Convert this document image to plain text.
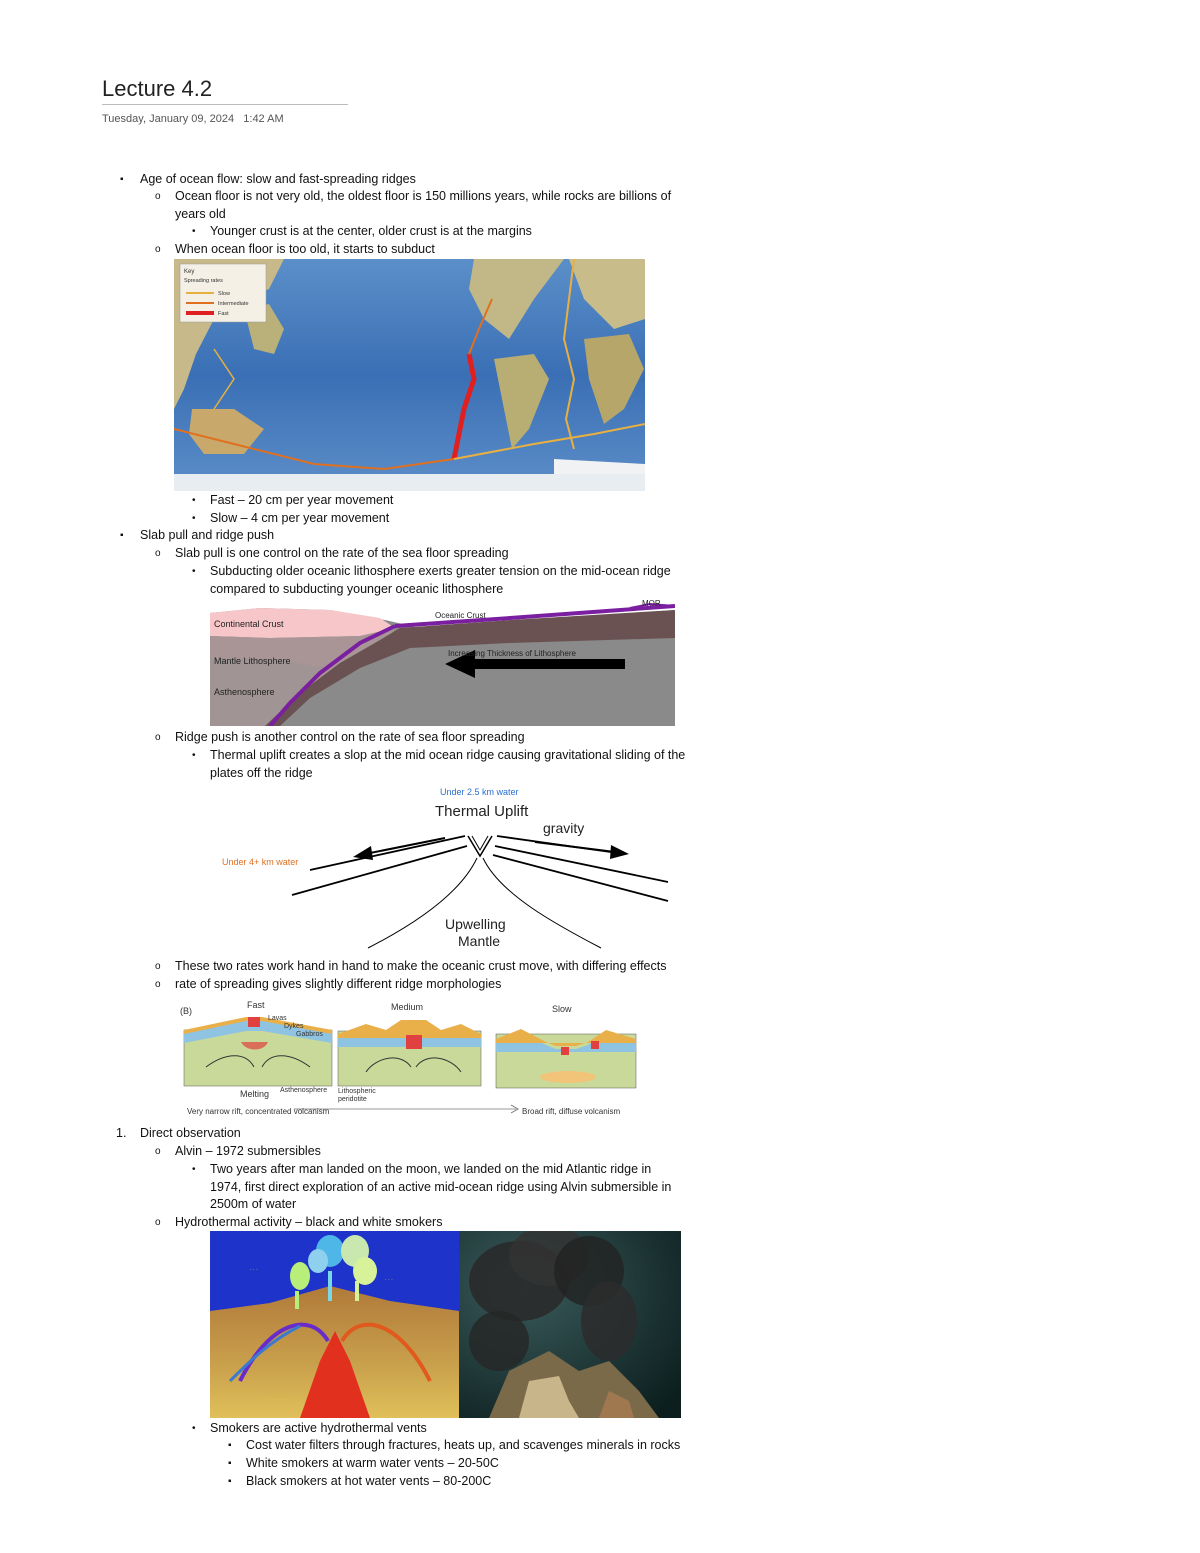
Lecture 4.2
Tuesday, January 09, 2024 1:42 AM
▪ Age of ocean flow: slow and fast-spreading ridges
o Ocean floor is not very old, the oldest floor is 150 millions years, while rocks are billions of
years old
• Younger crust is at the center, older crust is at the margins
o When ocean floor is too old, it starts to subduct
Key
Spreading rates
Slow
Intermediate
Fast
• Fast – 20 cm per year movement
• Slow – 4 cm per year movement
▪ Slab pull and ridge push
o Slab pull is one control on the rate of the sea floor spreading
• Subducting older oceanic lithosphere exerts greater tension on the mid-ocean ridge
compared to subducting younger oceanic lithosphere
MOR
Oceanic Crust
Continental Crust
Mantle Lithosphere
Asthenosphere
Increasing Thickness of Lithosphere
o Ridge push is another control on the rate of sea floor spreading
• Thermal uplift creates a slop at the mid ocean ridge causing gravitational sliding of the
plates off the ridge
Under 2.5 km water
Thermal Uplift
gravity
Under 4+ km water
Upwelling
Mantle
o These two rates work hand in hand to make the oceanic crust move, with differing effects
o rate of spreading gives slightly different ridge morphologies
(B)
Fast	Medium	Slow
Lavas
Dykes
Gabbros
Melting Asthenosphere Lithospheric
peridotite
Very narrow rift, concentrated volcanism	Broad rift, diffuse volcanism
1. Direct observation
o Alvin – 1972 submersibles
• Two years after man landed on the moon, we landed on the mid Atlantic ridge in
1974, first direct exploration of an active mid-ocean ridge using Alvin submersible in
2500m of water
o Hydrothermal activity – black and white smokers
· · ·
· · ·
· · · · · ·
• Smokers are active hydrothermal vents
▪ Cost water filters through fractures, heats up, and scavenges minerals in rocks
▪ White smokers at warm water vents – 20-50C
▪ Black smokers at hot water vents – 80-200C
